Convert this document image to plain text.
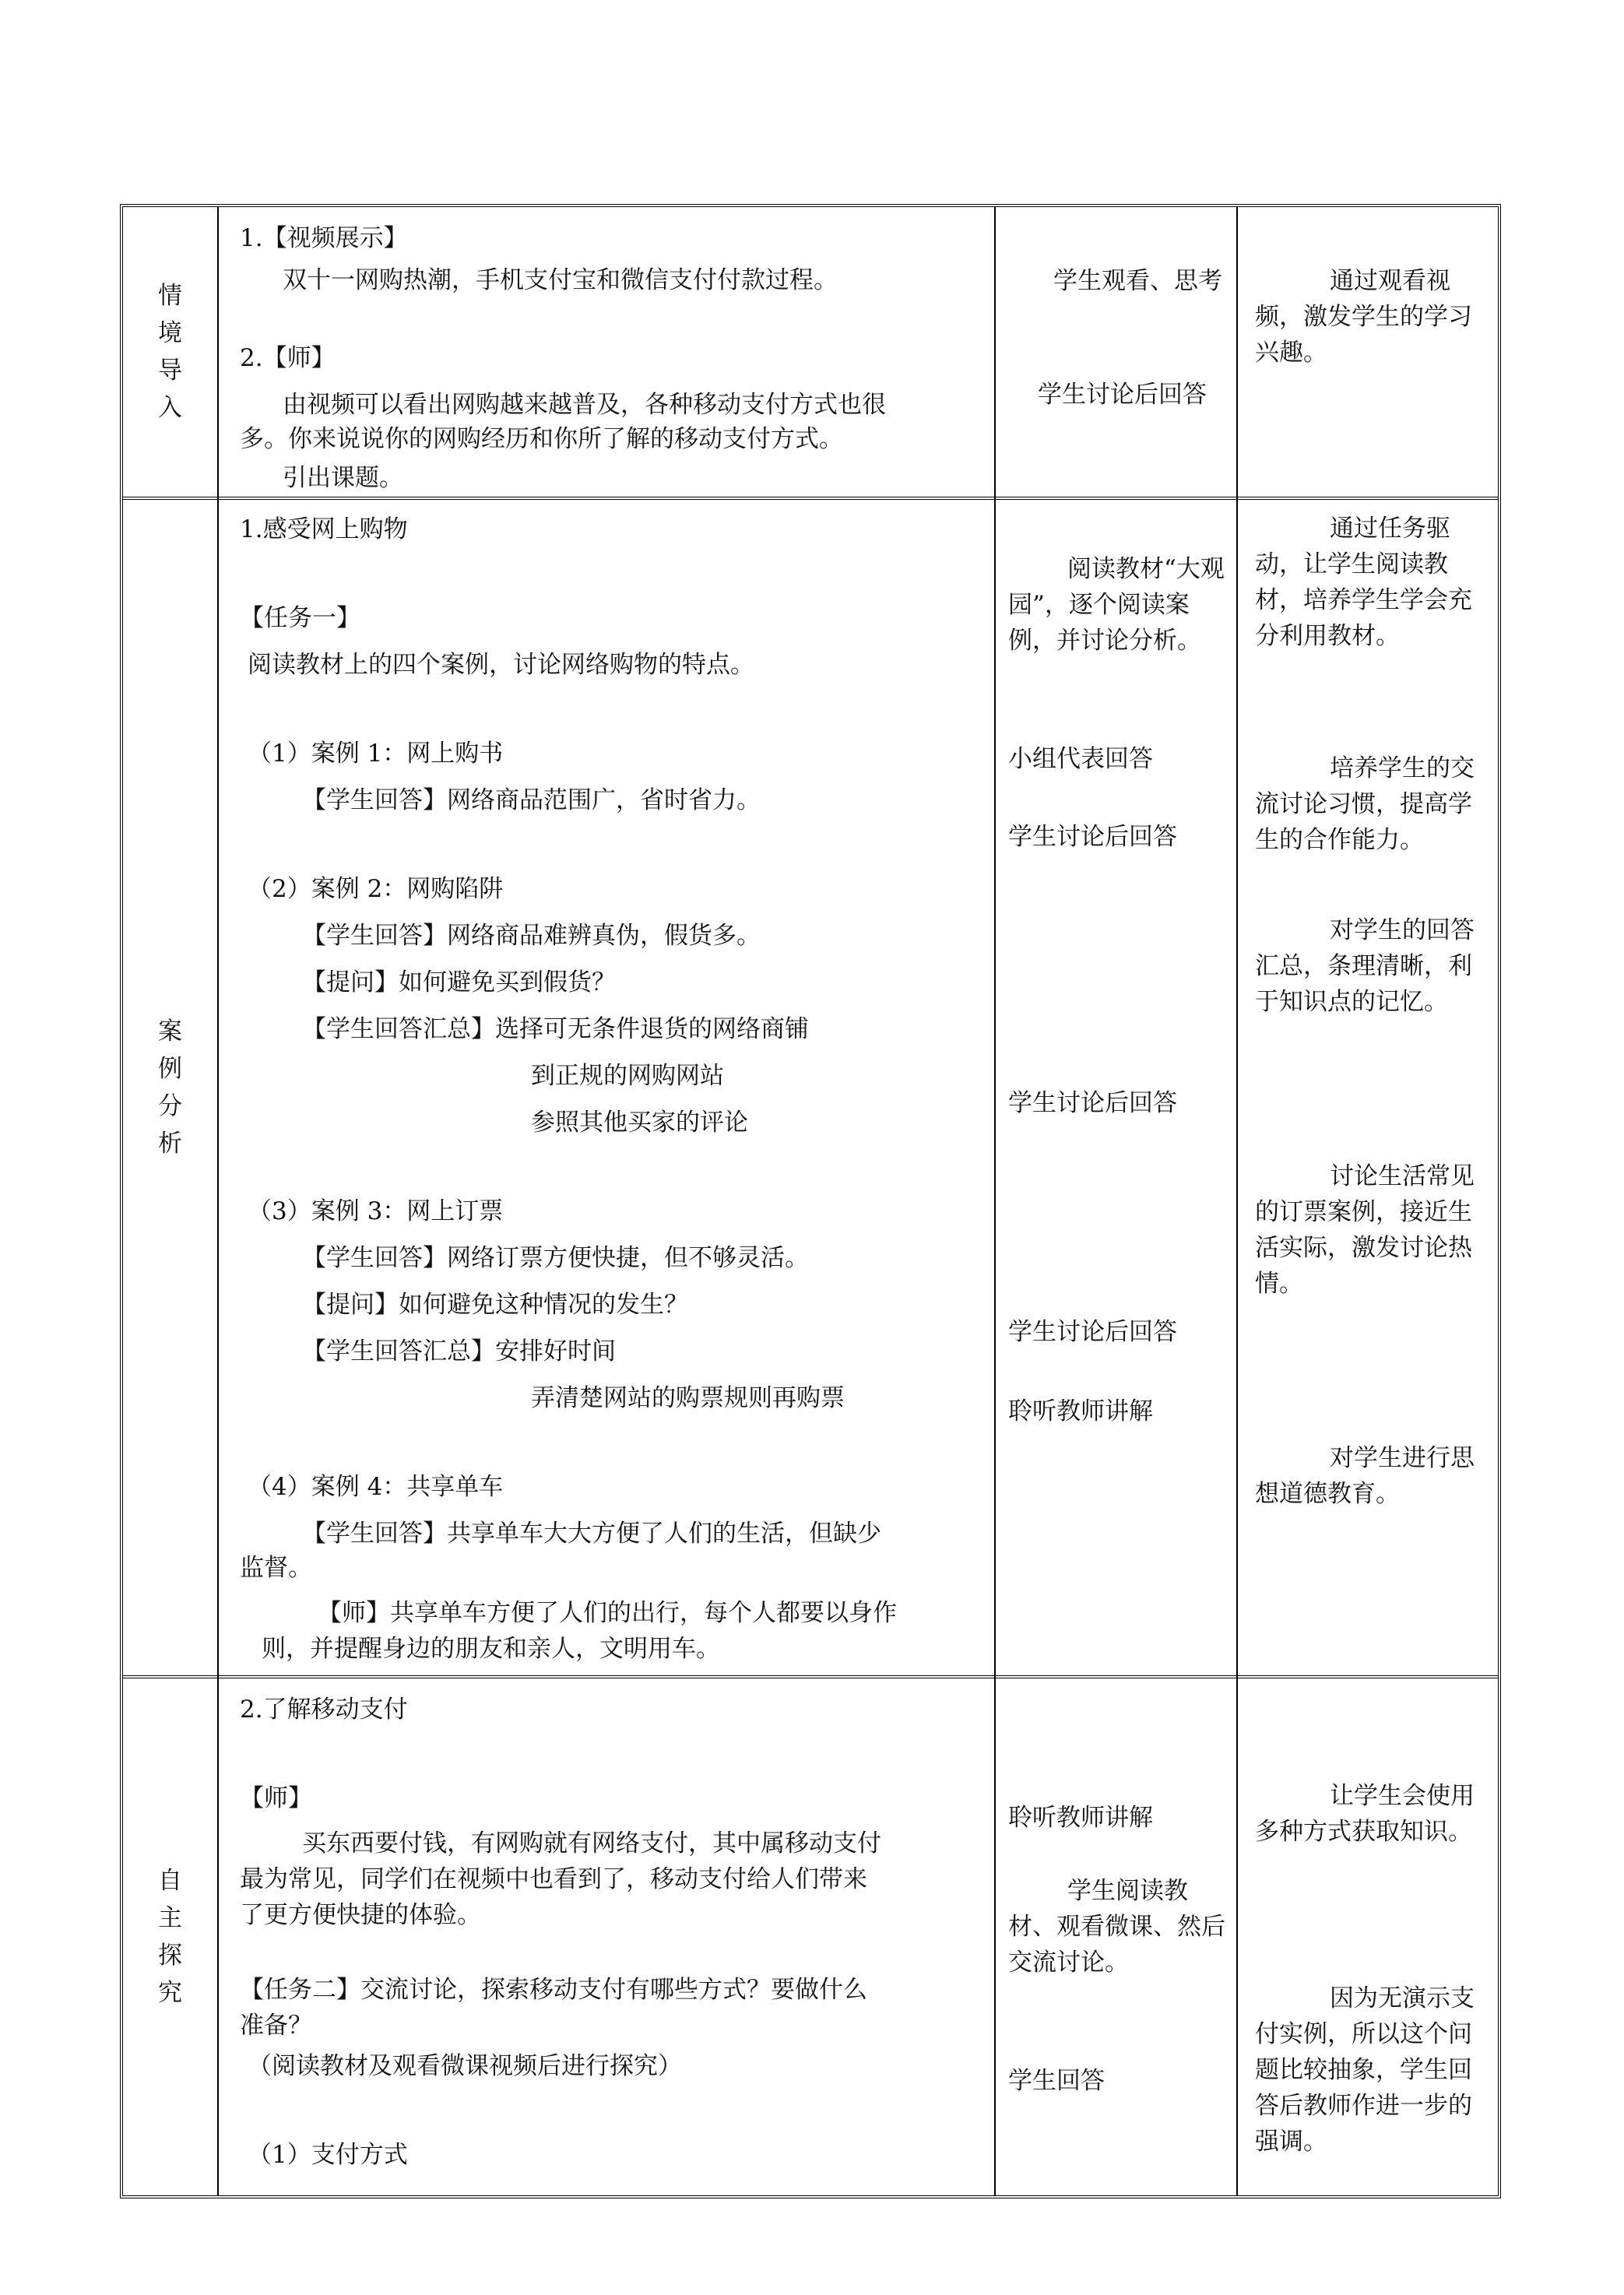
情
境
导
入
1.【视频展示】
双十一网购热潮，手机支付宝和微信支付付款过程。
2.【师】
由视频可以看出网购越来越普及，各种移动支付方式也很
多。你来说说你的网购经历和你所了解的移动支付方式。
引出课题。
学生观看、思考
学生讨论后回答
通过观看视频，激发学生的学习兴趣。
案
例
分
析
1.感受网上购物
【任务一】
阅读教材上的四个案例，讨论网络购物的特点。
（1）案例 1：网上购书
【学生回答】网络商品范围广，省时省力。
（2）案例 2：网购陷阱
【学生回答】网络商品难辨真伪，假货多。
【提问】如何避免买到假货？
【学生回答汇总】选择可无条件退货的网络商铺
到正规的网购网站
参照其他买家的评论
（3）案例 3：网上订票
【学生回答】网络订票方便快捷，但不够灵活。
【提问】如何避免这种情况的发生？
【学生回答汇总】安排好时间
弄清楚网站的购票规则再购票
（4）案例 4：共享单车
【学生回答】共享单车大大方便了人们的生活，但缺少
监督。
【师】共享单车方便了人们的出行，每个人都要以身作
则，并提醒身边的朋友和亲人，文明用车。
阅读教材“大观园”，逐个阅读案例，并讨论分析。
小组代表回答
学生讨论后回答
学生讨论后回答
学生讨论后回答
聆听教师讲解
通过任务驱动，让学生阅读教材，培养学生学会充分利用教材。
培养学生的交流讨论习惯，提高学生的合作能力。
对学生的回答汇总，条理清晰，利于知识点的记忆。
讨论生活常见的订票案例，接近生活实际，激发讨论热情。
对学生进行思想道德教育。
自
主
探
究
2.了解移动支付
【师】
买东西要付钱，有网购就有网络支付，其中属移动支付
最为常见，同学们在视频中也看到了，移动支付给人们带来
了更方便快捷的体验。
【任务二】交流讨论，探索移动支付有哪些方式？要做什么
准备？
（阅读教材及观看微课视频后进行探究）
（1）支付方式
聆听教师讲解
学生阅读教材、观看微课、然后交流讨论。
学生回答
让学生会使用多种方式获取知识。
因为无演示支付实例，所以这个问题比较抽象，学生回答后教师作进一步的强调。
